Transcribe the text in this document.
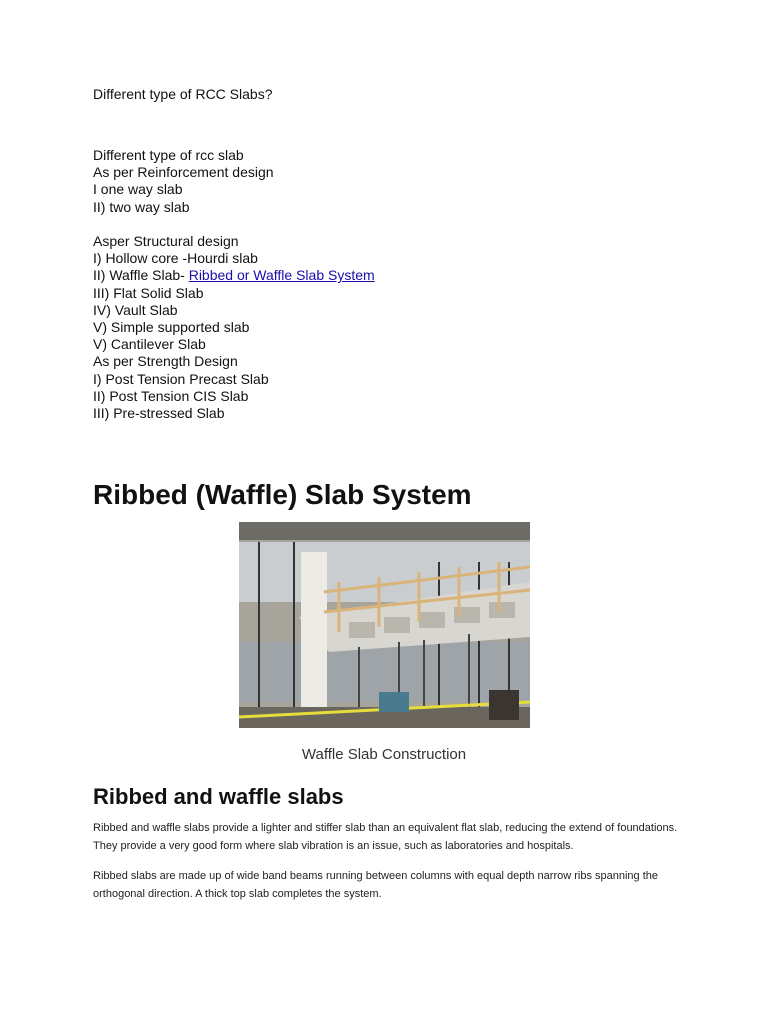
Different type of RCC Slabs?

Different type of rcc slab
As per Reinforcement design
I one way slab
II) two way slab

Asper Structural design
I) Hollow core -Hourdi slab
II) Waffle Slab- Ribbed or Waffle Slab System
III) Flat Solid Slab
IV) Vault Slab
V) Simple supported slab
V) Cantilever Slab
As per Strength Design
I) Post Tension Precast Slab
II) Post Tension CIS Slab
III) Pre-stressed Slab
Ribbed (Waffle) Slab System
Waffle Slab Construction
Ribbed and waffle slabs

Ribbed and waffle slabs provide a lighter and stiffer slab than an equivalent flat slab, reducing the extend of foundations. They provide a very good form where slab vibration is an issue, such as laboratories and hospitals.

Ribbed slabs are made up of wide band beams running between columns with equal depth narrow ribs spanning the orthogonal direction. A thick top slab completes the system.
